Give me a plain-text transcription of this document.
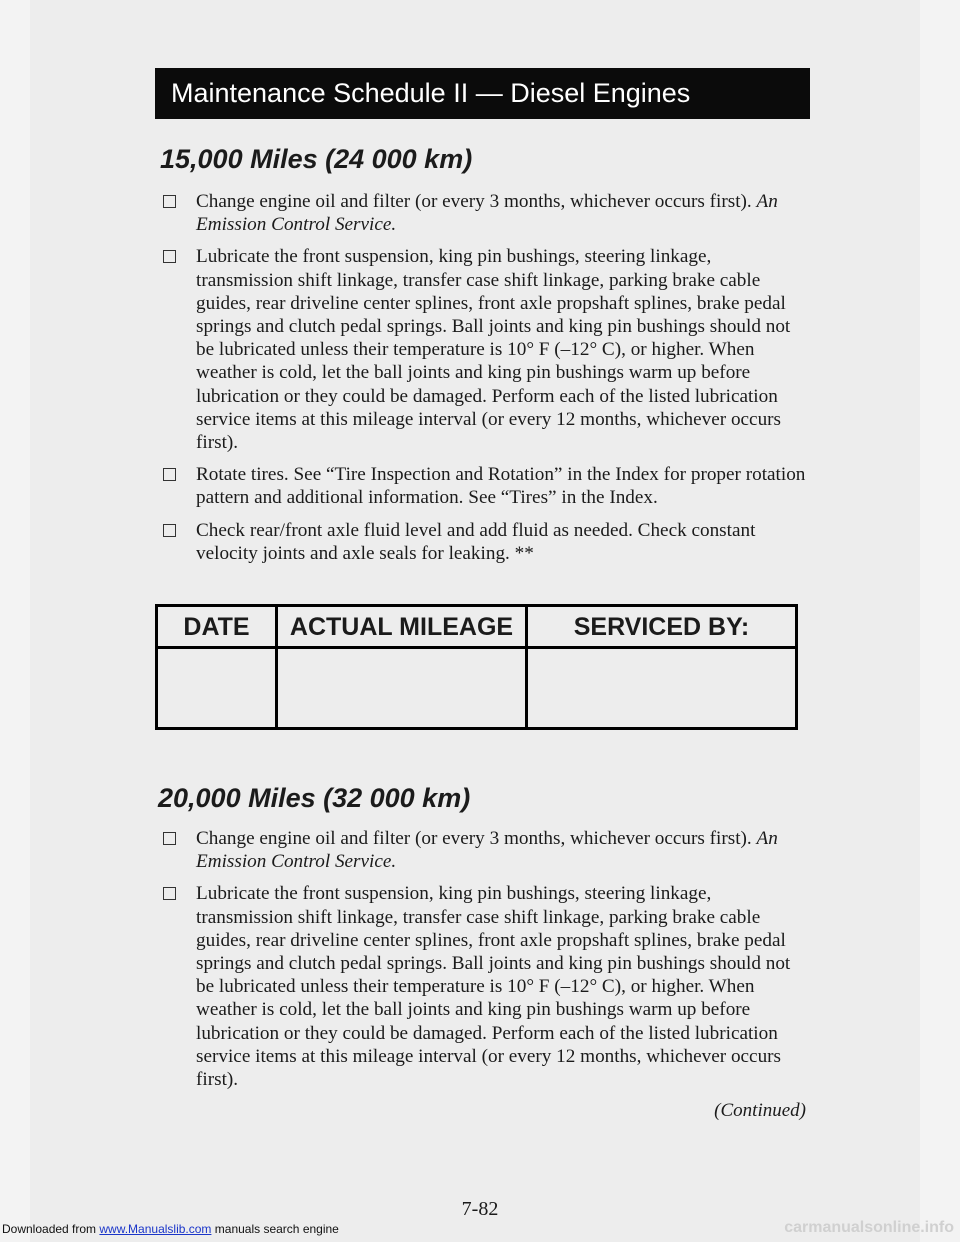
Maintenance Schedule II — Diesel Engines
15,000 Miles (24 000 km)
Change engine oil and filter (or every 3 months, whichever occurs first). An Emission Control Service.
Lubricate the front suspension, king pin bushings, steering linkage, transmission shift linkage, transfer case shift linkage, parking brake cable guides, rear driveline center splines, front axle propshaft splines, brake pedal springs and clutch pedal springs. Ball joints and king pin bushings should not be lubricated unless their temperature is 10° F (–12° C), or higher. When weather is cold, let the ball joints and king pin bushings warm up before lubrication or they could be damaged. Perform each of the listed lubrication service items at this mileage interval (or every 12 months, whichever occurs first).
Rotate tires. See “Tire Inspection and Rotation” in the Index for proper rotation pattern and additional information. See “Tires” in the Index.
Check rear/front axle fluid level and add fluid as needed. Check constant velocity joints and axle seals for leaking. **
DATE	ACTUAL MILEAGE	SERVICED BY:
20,000 Miles (32 000 km)
Change engine oil and filter (or every 3 months, whichever occurs first). An Emission Control Service.
Lubricate the front suspension, king pin bushings, steering linkage, transmission shift linkage, transfer case shift linkage, parking brake cable guides, rear driveline center splines, front axle propshaft splines, brake pedal springs and clutch pedal springs. Ball joints and king pin bushings should not be lubricated unless their temperature is 10° F (–12° C), or higher. When weather is cold, let the ball joints and king pin bushings warm up before lubrication or they could be damaged. Perform each of the listed lubrication service items at this mileage interval (or every 12 months, whichever occurs first).
(Continued)
7-82
Downloaded from www.Manualslib.com manuals search engine	carmanualsonline.info
